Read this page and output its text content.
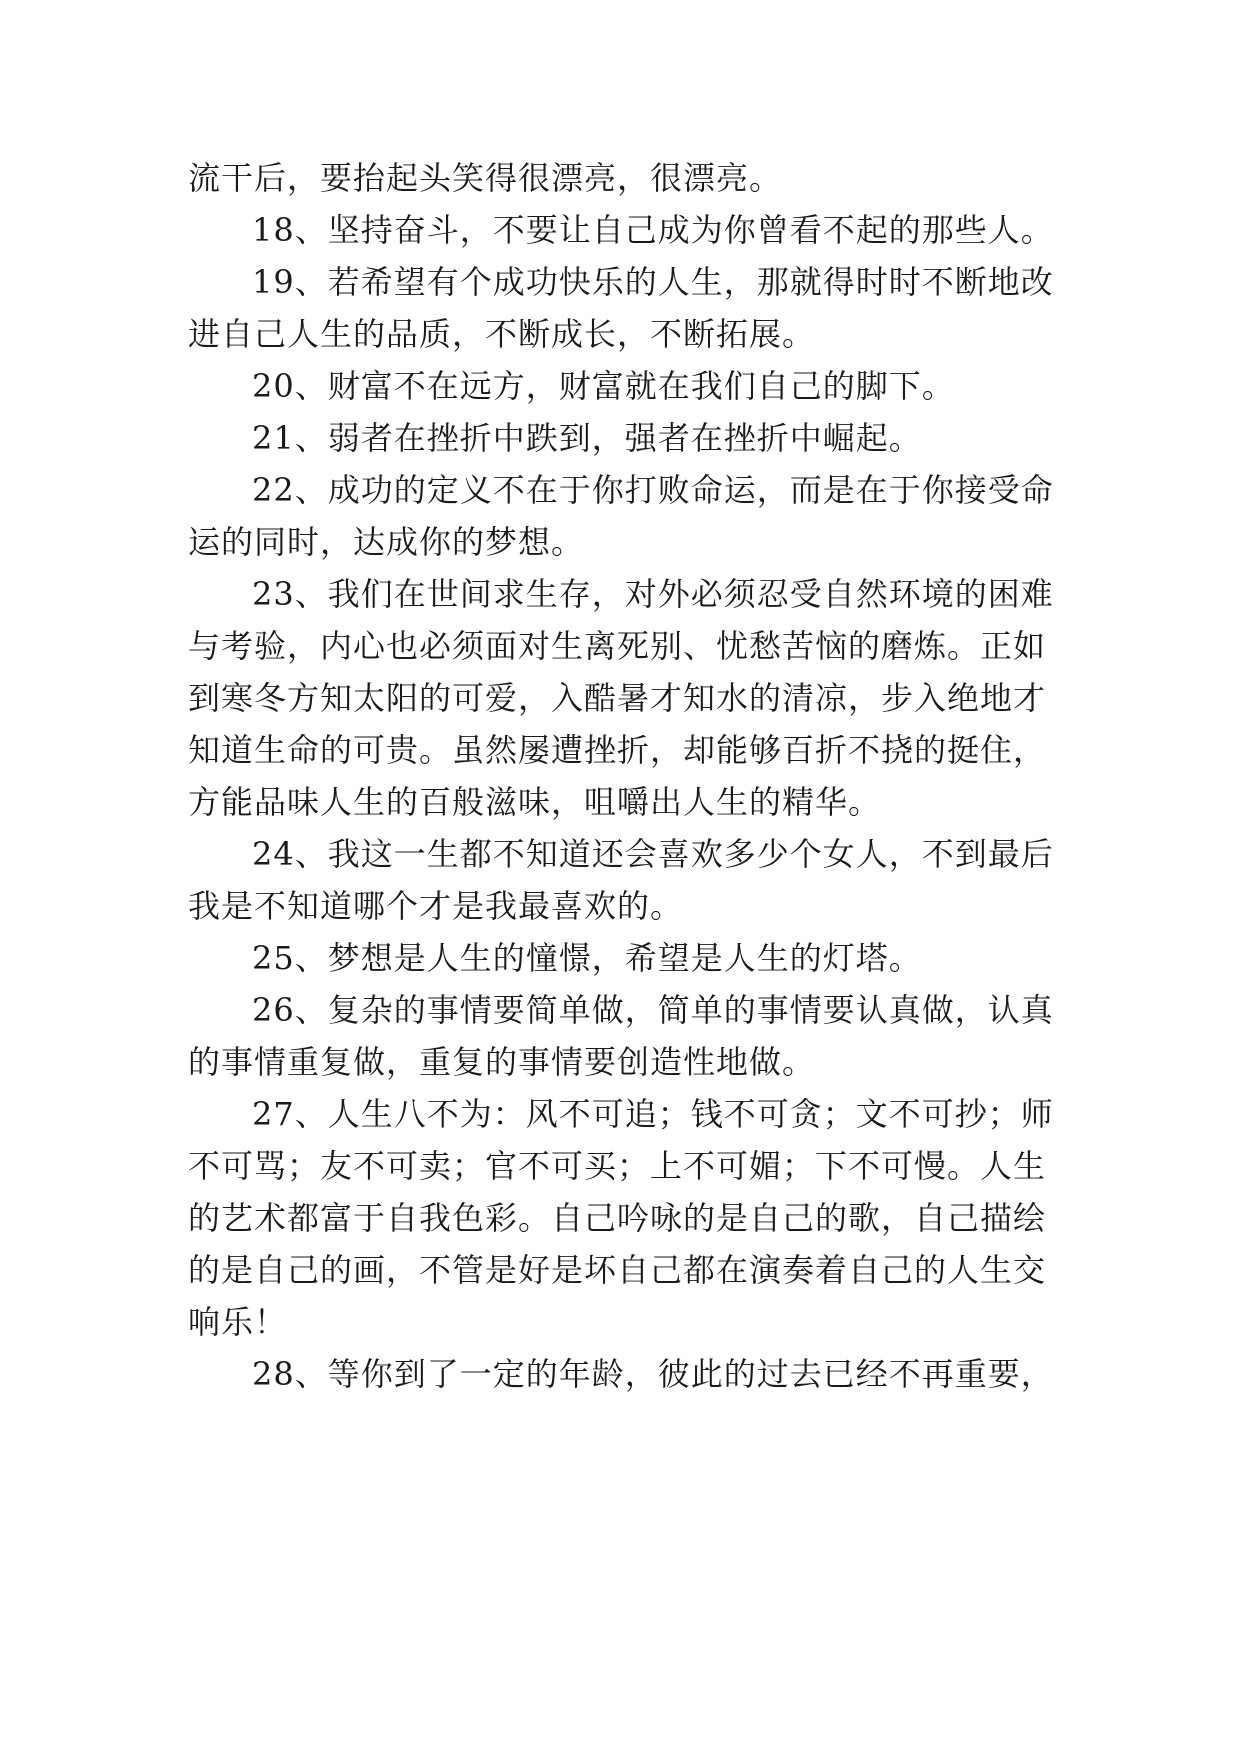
流干后，要抬起头笑得很漂亮，很漂亮。
18、坚持奋斗，不要让自己成为你曾看不起的那些人。
19、若希望有个成功快乐的人生，那就得时时不断地改
进自己人生的品质，不断成长，不断拓展。
20、财富不在远方，财富就在我们自己的脚下。
21、弱者在挫折中跌到，强者在挫折中崛起。
22、成功的定义不在于你打败命运，而是在于你接受命
运的同时，达成你的梦想。
23、我们在世间求生存，对外必须忍受自然环境的困难
与考验，内心也必须面对生离死别、忧愁苦恼的磨炼。正如
到寒冬方知太阳的可爱，入酷暑才知水的清凉，步入绝地才
知道生命的可贵。虽然屡遭挫折，却能够百折不挠的挺住，
方能品味人生的百般滋味，咀嚼出人生的精华。
24、我这一生都不知道还会喜欢多少个女人，不到最后
我是不知道哪个才是我最喜欢的。
25、梦想是人生的憧憬，希望是人生的灯塔。
26、复杂的事情要简单做，简单的事情要认真做，认真
的事情重复做，重复的事情要创造性地做。
27、人生八不为：风不可追；钱不可贪；文不可抄；师
不可骂；友不可卖；官不可买；上不可媚；下不可慢。人生
的艺术都富于自我色彩。自己吟咏的是自己的歌，自己描绘
的是自己的画，不管是好是坏自己都在演奏着自己的人生交
响乐！
28、等你到了一定的年龄，彼此的过去已经不再重要，
